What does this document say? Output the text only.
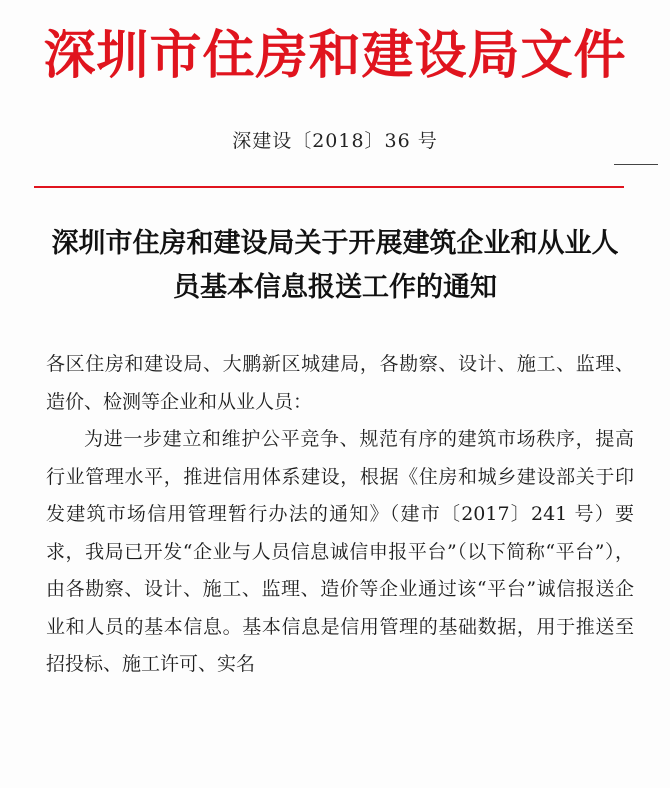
深圳市住房和建设局文件
深建设〔2018〕36 号
深圳市住房和建设局关于开展建筑企业和从业人员基本信息报送工作的通知

各区住房和建设局、大鹏新区城建局，各勘察、设计、施工、监理、造价、检测等企业和从业人员：

为进一步建立和维护公平竞争、规范有序的建筑市场秩序，提高行业管理水平，推进信用体系建设，根据《住房和城乡建设部关于印发建筑市场信用管理暂行办法的通知》（建市〔2017〕241 号）要求，我局已开发“企业与人员信息诚信申报平台”（以下简称“平台”），由各勘察、设计、施工、监理、造价等企业通过该“平台”诚信报送企业和人员的基本信息。基本信息是信用管理的基础数据，用于推送至招投标、施工许可、实名
